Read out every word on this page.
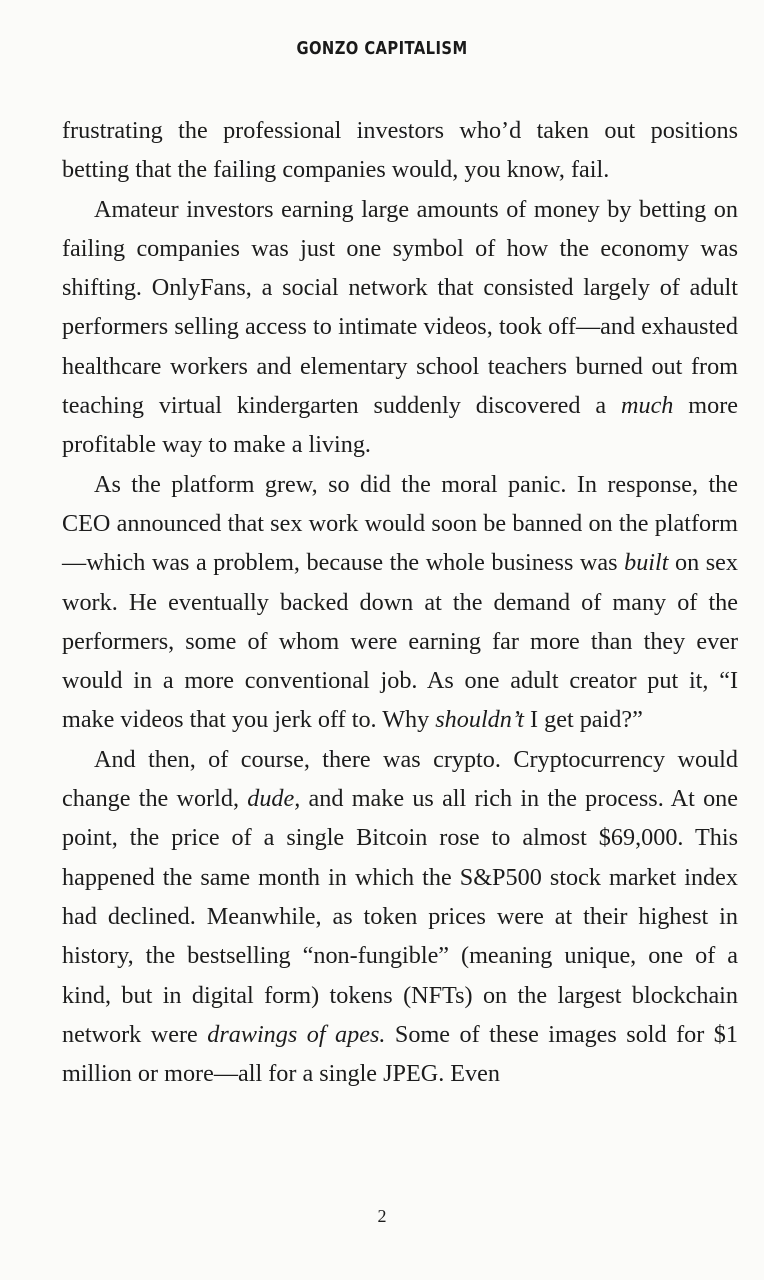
GONZO CAPITALISM

frustrating the professional investors who’d taken out positions betting that the failing companies would, you know, fail.

Amateur investors earning large amounts of money by betting on failing companies was just one symbol of how the economy was shifting. OnlyFans, a social network that consisted largely of adult performers selling access to intimate videos, took off—and exhausted healthcare workers and elementary school teachers burned out from teaching virtual kindergarten suddenly discovered a much more profitable way to make a living.

As the platform grew, so did the moral panic. In response, the CEO announced that sex work would soon be banned on the platform—which was a problem, because the whole business was built on sex work. He eventually backed down at the demand of many of the performers, some of whom were earning far more than they ever would in a more conventional job. As one adult creator put it, “I make videos that you jerk off to. Why shouldn’t I get paid?”

And then, of course, there was crypto. Cryptocurrency would change the world, dude, and make us all rich in the process. At one point, the price of a single Bitcoin rose to almost $69,000. This happened the same month in which the S&P500 stock market index had declined. Meanwhile, as token prices were at their highest in history, the bestselling “non-fungible” (meaning unique, one of a kind, but in digital form) tokens (NFTs) on the largest blockchain network were drawings of apes. Some of these images sold for $1 million or more—all for a single JPEG. Even

2
